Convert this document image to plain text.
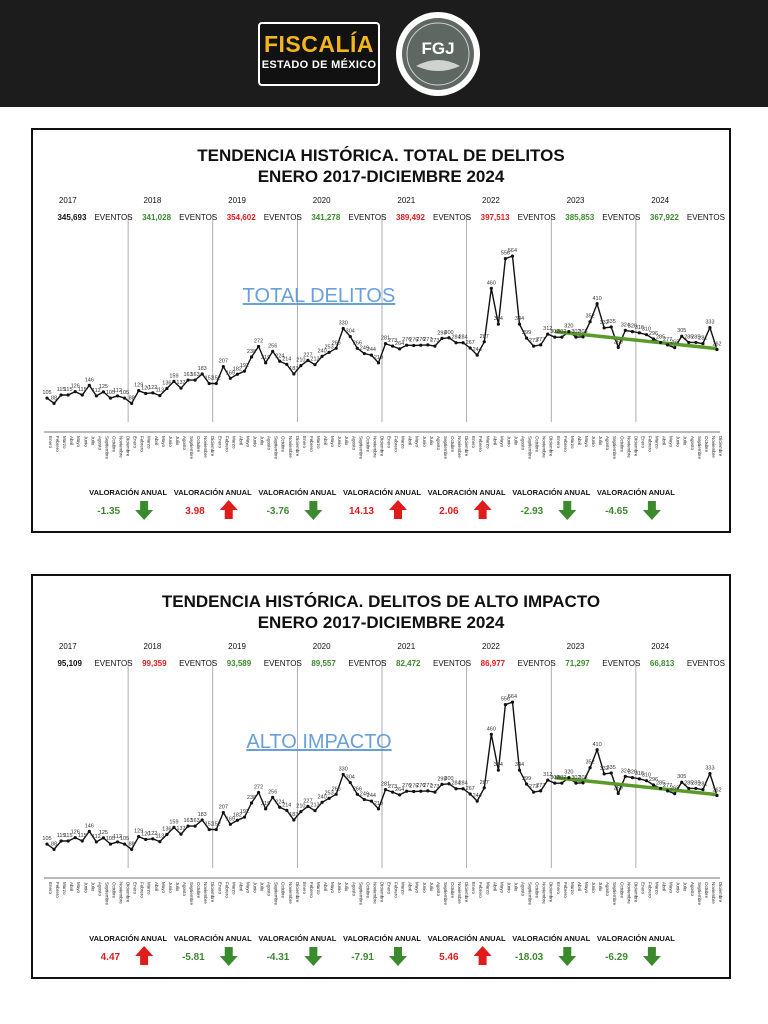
FISCALÍA
ESTADO DE MÉXICO
FGJ
TENDENCIA HISTÓRICA. TOTAL DE DELITOS
ENERO 2017-DICIEMBRE 2024
2017
345,693 EVENTOS
2018
341,028 EVENTOS
2019
354,602 EVENTOS
2020
341,278 EVENTOS
2021
389,492 EVENTOS
2022
397,513 EVENTOS
2023
385,853 EVENTOS
2024
367,922 EVENTOS
TOTAL DELITOS
105
Enero
88
Febrero
115
Marzo
115
Abril
126
Mayo
115
Junio
146
Julio
112
Agosto
125
Septiembre
105
Octubre
112
Noviembre
105
Diciembre
88
Enero
129
Febrero
120
Marzo
122
Abril
113
Mayo
136
Junio
159
Julio
137
Agosto
163
Septiembre
163
Octubre
183
Noviembre
152
Diciembre
152
Enero
207
Febrero
169
Marzo
182
Abril
192
Mayo
238
Junio
272
Julio
219
Agosto
256
Septiembre
224
Octubre
214
Noviembre
183
Diciembre
210
Enero
227
Febrero
213
Marzo
240
Abril
253
Mayo
266
Junio
330
Julio
304
Agosto
266
Septiembre
249
Octubre
244
Noviembre
219
Diciembre
281
Enero
273
Febrero
264
Marzo
276
Abril
275
Mayo
276
Junio
277
Julio
273
Agosto
298
Septiembre
300
Octubre
284
Noviembre
284
Diciembre
267
Enero
244
Febrero
287
Marzo
460
Abril
344
Mayo
556
Junio
564
Julio
344
Agosto
299
Septiembre
273
Octubre
277
Noviembre
312
Diciembre
302
Enero
302
Febrero
320
Marzo
302
Abril
303
Mayo
352
Junio
410
Julio
332
Agosto
335
Septiembre
269
Octubre
324
Noviembre
320
Diciembre
316
Enero
310
Febrero
296
Marzo
285
Abril
277
Mayo
268
Junio
305
Julio
285
Agosto
285
Septiembre
281
Octubre
333
Noviembre
262
Diciembre
VALORACIÓN ANUAL
-1.35
VALORACIÓN ANUAL
3.98
VALORACIÓN ANUAL
-3.76
VALORACIÓN ANUAL
14.13
VALORACIÓN ANUAL
2.06
VALORACIÓN ANUAL
-2.93
VALORACIÓN ANUAL
-4.65
TENDENCIA HISTÓRICA. DELITOS DE ALTO IMPACTO
ENERO 2017-DICIEMBRE 2024
2017
95,109 EVENTOS
2018
99,359 EVENTOS
2019
93,589 EVENTOS
2020
89,557 EVENTOS
2021
82,472 EVENTOS
2022
86,977 EVENTOS
2023
71,297 EVENTOS
2024
66,813 EVENTOS
ALTO IMPACTO
105
Enero
88
Febrero
115
Marzo
115
Abril
126
Mayo
115
Junio
146
Julio
112
Agosto
125
Septiembre
105
Octubre
112
Noviembre
105
Diciembre
88
Enero
129
Febrero
120
Marzo
122
Abril
113
Mayo
136
Junio
159
Julio
137
Agosto
163
Septiembre
163
Octubre
183
Noviembre
152
Diciembre
152
Enero
207
Febrero
169
Marzo
182
Abril
192
Mayo
238
Junio
272
Julio
219
Agosto
256
Septiembre
224
Octubre
214
Noviembre
183
Diciembre
210
Enero
227
Febrero
213
Marzo
240
Abril
253
Mayo
266
Junio
330
Julio
304
Agosto
266
Septiembre
249
Octubre
244
Noviembre
219
Diciembre
281
Enero
273
Febrero
264
Marzo
276
Abril
275
Mayo
276
Junio
277
Julio
273
Agosto
298
Septiembre
300
Octubre
284
Noviembre
284
Diciembre
267
Enero
244
Febrero
287
Marzo
460
Abril
344
Mayo
556
Junio
564
Julio
344
Agosto
299
Septiembre
273
Octubre
277
Noviembre
312
Diciembre
302
Enero
302
Febrero
320
Marzo
302
Abril
303
Mayo
352
Junio
410
Julio
332
Agosto
335
Septiembre
269
Octubre
324
Noviembre
320
Diciembre
316
Enero
310
Febrero
296
Marzo
285
Abril
277
Mayo
268
Junio
305
Julio
285
Agosto
285
Septiembre
281
Octubre
333
Noviembre
262
Diciembre
VALORACIÓN ANUAL
4.47
VALORACIÓN ANUAL
-5.81
VALORACIÓN ANUAL
-4.31
VALORACIÓN ANUAL
-7.91
VALORACIÓN ANUAL
5.46
VALORACIÓN ANUAL
-18.03
VALORACIÓN ANUAL
-6.29
